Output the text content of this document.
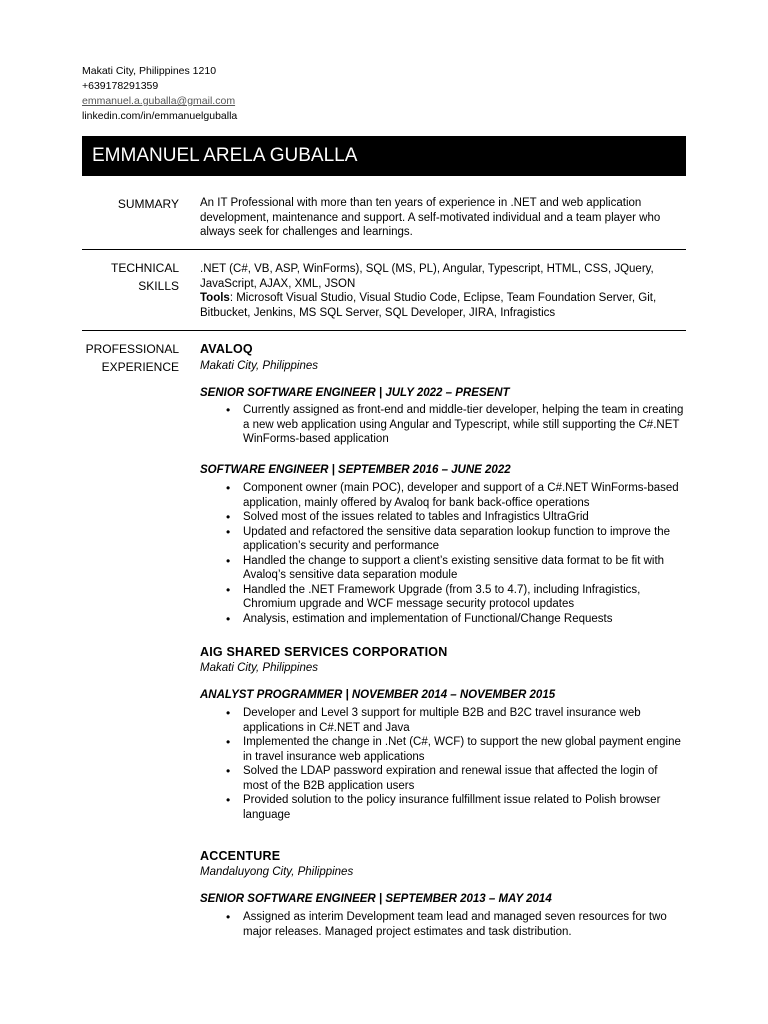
Makati City, Philippines 1210
+639178291359
emmanuel.a.guballa@gmail.com
linkedin.com/in/emmanuelguballa
EMMANUEL ARELA GUBALLA
SUMMARY An IT Professional with more than ten years of experience in .NET and web application development, maintenance and support. A self-motivated individual and a team player who always seek for challenges and learnings.
TECHNICAL
SKILLS
.NET (C#, VB, ASP, WinForms), SQL (MS, PL), Angular, Typescript, HTML, CSS, JQuery, JavaScript, AJAX, XML, JSON
Tools: Microsoft Visual Studio, Visual Studio Code, Eclipse, Team Foundation Server, Git, Bitbucket, Jenkins, MS SQL Server, SQL Developer, JIRA, Infragistics
PROFESSIONAL
EXPERIENCE
AVALOQ
Makati City, Philippines
SENIOR SOFTWARE ENGINEER | JULY 2022 – PRESENT
• Currently assigned as front-end and middle-tier developer, helping the team in creating a new web application using Angular and Typescript, while still supporting the C#.NET WinForms-based application
SOFTWARE ENGINEER | SEPTEMBER 2016 – JUNE 2022
• Component owner (main POC), developer and support of a C#.NET WinForms-based application, mainly offered by Avaloq for bank back-office operations
• Solved most of the issues related to tables and Infragistics UltraGrid
• Updated and refactored the sensitive data separation lookup function to improve the application’s security and performance
• Handled the change to support a client’s existing sensitive data format to be fit with Avaloq’s sensitive data separation module
• Handled the .NET Framework Upgrade (from 3.5 to 4.7), including Infragistics, Chromium upgrade and WCF message security protocol updates
• Analysis, estimation and implementation of Functional/Change Requests
AIG SHARED SERVICES CORPORATION
Makati City, Philippines
ANALYST PROGRAMMER | NOVEMBER 2014 – NOVEMBER 2015
• Developer and Level 3 support for multiple B2B and B2C travel insurance web applications in C#.NET and Java
• Implemented the change in .Net (C#, WCF) to support the new global payment engine in travel insurance web applications
• Solved the LDAP password expiration and renewal issue that affected the login of most of the B2B application users
• Provided solution to the policy insurance fulfillment issue related to Polish browser language
ACCENTURE
Mandaluyong City, Philippines
SENIOR SOFTWARE ENGINEER | SEPTEMBER 2013 – MAY 2014
• Assigned as interim Development team lead and managed seven resources for two major releases. Managed project estimates and task distribution.
